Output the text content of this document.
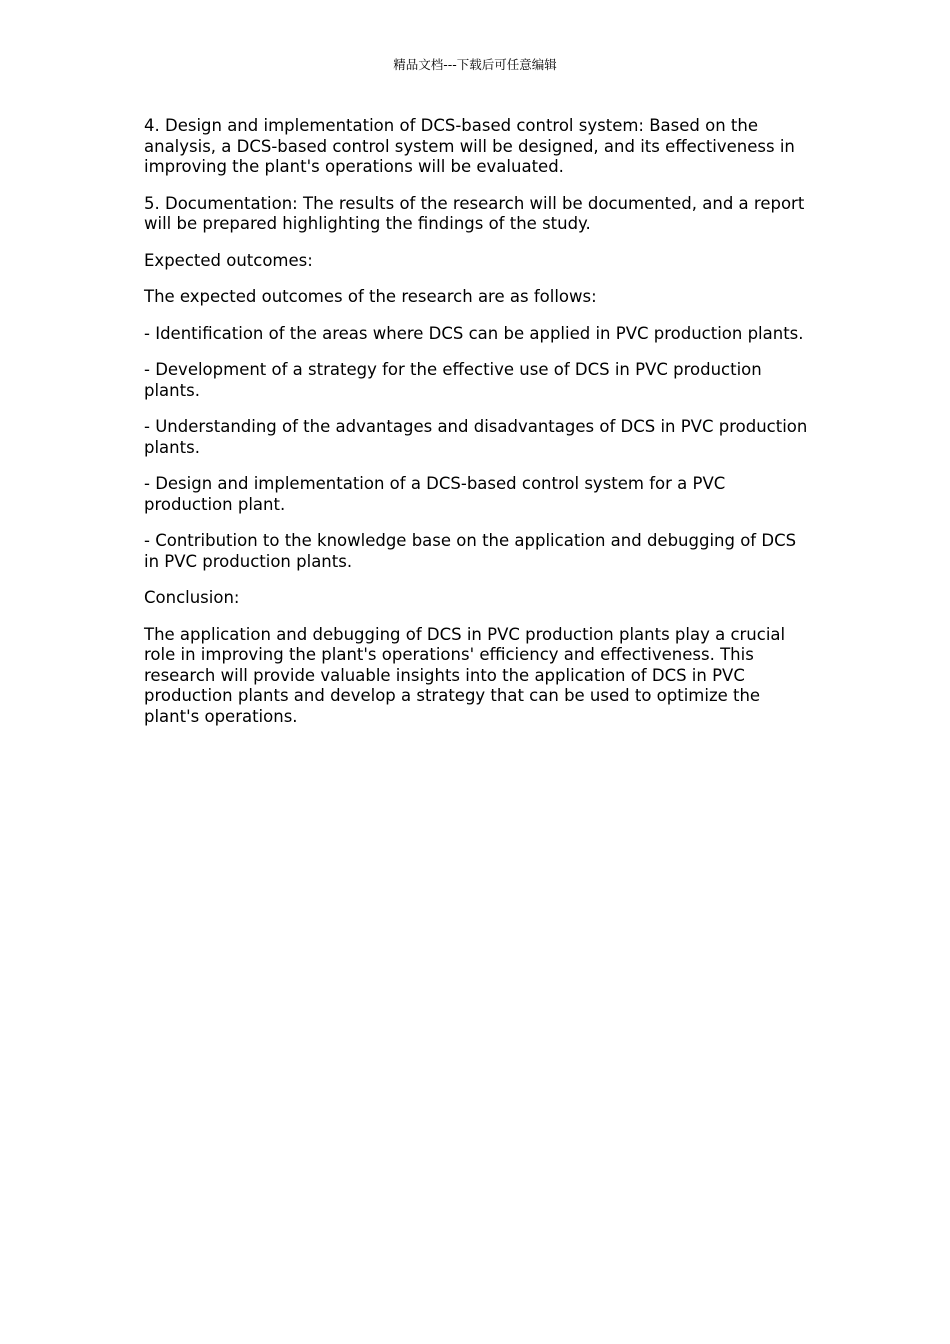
精品文档---下载后可任意编辑

4. Design and implementation of DCS-based control system: Based on the analysis, a DCS-based control system will be designed, and its effectiveness in improving the plant's operations will be evaluated.

5. Documentation: The results of the research will be documented, and a report will be prepared highlighting the findings of the study.

Expected outcomes:

The expected outcomes of the research are as follows:

- Identification of the areas where DCS can be applied in PVC production plants.

- Development of a strategy for the effective use of DCS in PVC production plants.

- Understanding of the advantages and disadvantages of DCS in PVC production plants.

- Design and implementation of a DCS-based control system for a PVC production plant.

- Contribution to the knowledge base on the application and debugging of DCS in PVC production plants.

Conclusion:

The application and debugging of DCS in PVC production plants play a crucial role in improving the plant's operations' efficiency and effectiveness. This research will provide valuable insights into the application of DCS in PVC production plants and develop a strategy that can be used to optimize the plant's operations.
